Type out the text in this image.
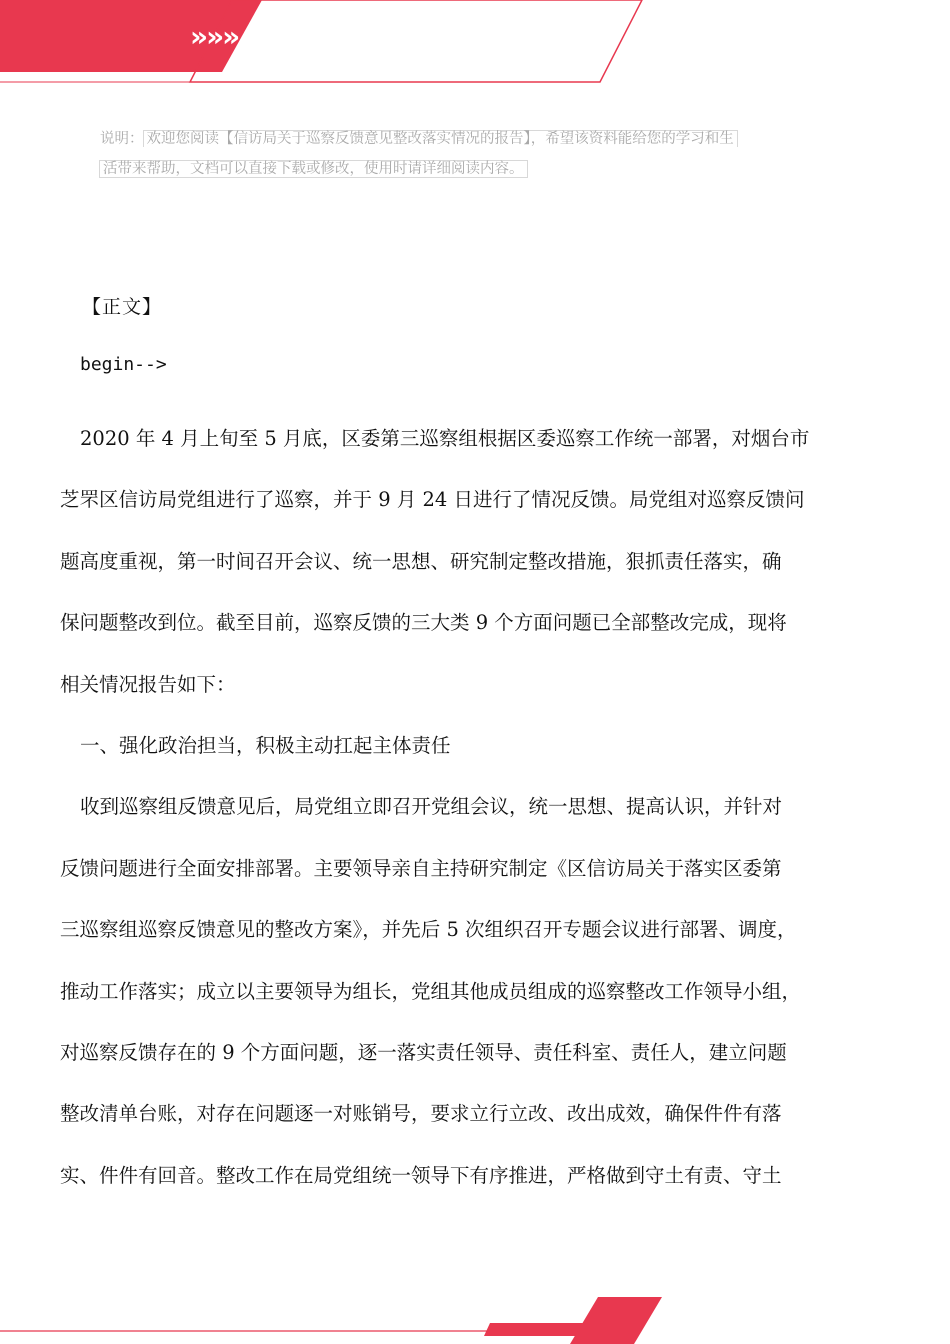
»»»
说明： 欢迎您阅读【信访局关于巡察反馈意见整改落实情况的报告】，希望该资料能给您的学习和生
活带来帮助，文档可以直接下载或修改，使用时请详细阅读内容。
【正文】
begin-->
2020 年 4 月上旬至 5 月底，区委第三巡察组根据区委巡察工作统一部署，对烟台市
芝罘区信访局党组进行了巡察，并于 9 月 24 日进行了情况反馈。局党组对巡察反馈问
题高度重视，第一时间召开会议、统一思想、研究制定整改措施，狠抓责任落实，确
保问题整改到位。截至目前，巡察反馈的三大类 9 个方面问题已全部整改完成，现将
相关情况报告如下：
一、强化政治担当，积极主动扛起主体责任
收到巡察组反馈意见后，局党组立即召开党组会议，统一思想、提高认识，并针对
反馈问题进行全面安排部署。主要领导亲自主持研究制定《区信访局关于落实区委第
三巡察组巡察反馈意见的整改方案》，并先后 5 次组织召开专题会议进行部署、调度，
推动工作落实；成立以主要领导为组长，党组其他成员组成的巡察整改工作领导小组，
对巡察反馈存在的 9 个方面问题，逐一落实责任领导、责任科室、责任人，建立问题
整改清单台账，对存在问题逐一对账销号，要求立行立改、改出成效，确保件件有落
实、件件有回音。整改工作在局党组统一领导下有序推进，严格做到守土有责、守土
